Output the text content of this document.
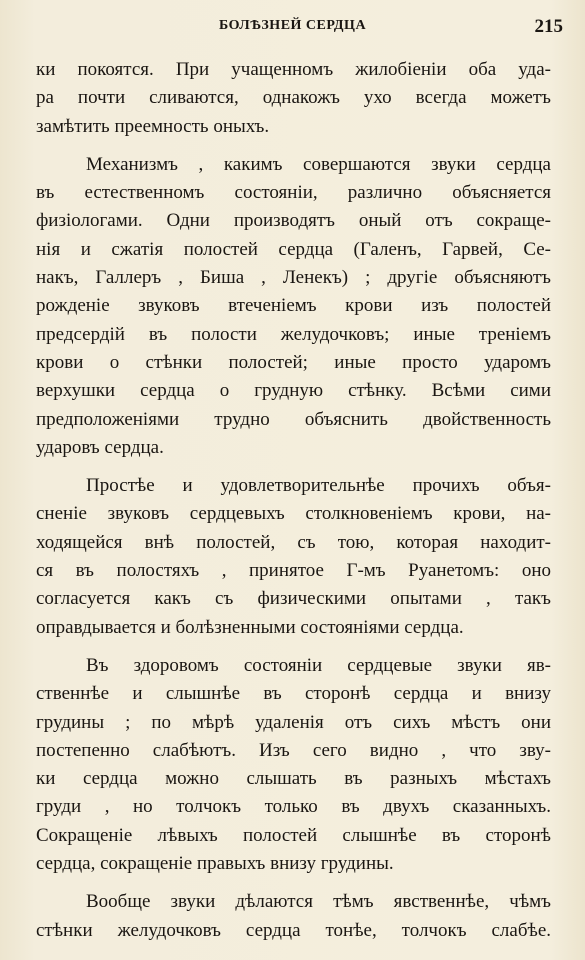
БОЛѢЗНЕЙ СЕРДЦА	215

ки покоятся. При учащенномъ жилобіеніи оба уда-
ра почти сливаются, однакожъ ухо всегда можетъ
замѣтить преемность оныхъ.

Механизмъ , какимъ совершаются звуки сердца
въ естественномъ состояніи, различно объясняется
физіологами. Одни производятъ оный отъ сокраще-
нія и сжатія полостей сердца (Галенъ, Гарвей, Се-
накъ, Галлеръ , Биша , Ленекъ) ; другіе объясняютъ
рожденіе звуковъ втеченіемъ крови изъ полостей
предсердій въ полости желудочковъ; иные треніемъ
крови о стѣнки полостей; иные просто ударомъ
верхушки сердца о грудную стѣнку. Всѣми сими
предположеніями трудно объяснить двойственность
ударовъ сердца.

Простѣе и удовлетворительнѣе прочихъ объя-
сненіе звуковъ сердцевыхъ столкновеніемъ крови, на-
ходящейся внѣ полостей, съ тою, которая находит-
ся въ полостяхъ , принятое Г-мъ Руанетомъ: оно
согласуется какъ съ физическими опытами , такъ
оправдывается и болѣзненными состояніями сердца.

Въ здоровомъ состояніи сердцевые звуки яв-
ственнѣе и слышнѣе въ сторонѣ сердца и внизу
грудины ; по мѣрѣ удаленія отъ сихъ мѣстъ они
постепенно слабѣютъ. Изъ сего видно , что зву-
ки сердца можно слышать въ разныхъ мѣстахъ
груди , но толчокъ только въ двухъ сказанныхъ.
Сокращеніе лѣвыхъ полостей слышнѣе въ сторонѣ
сердца, сокращеніе правыхъ внизу грудины.

Вообще звуки дѣлаются тѣмъ явственнѣе, чѣмъ
стѣнки желудочковъ сердца тонѣе, толчокъ слабѣе.
